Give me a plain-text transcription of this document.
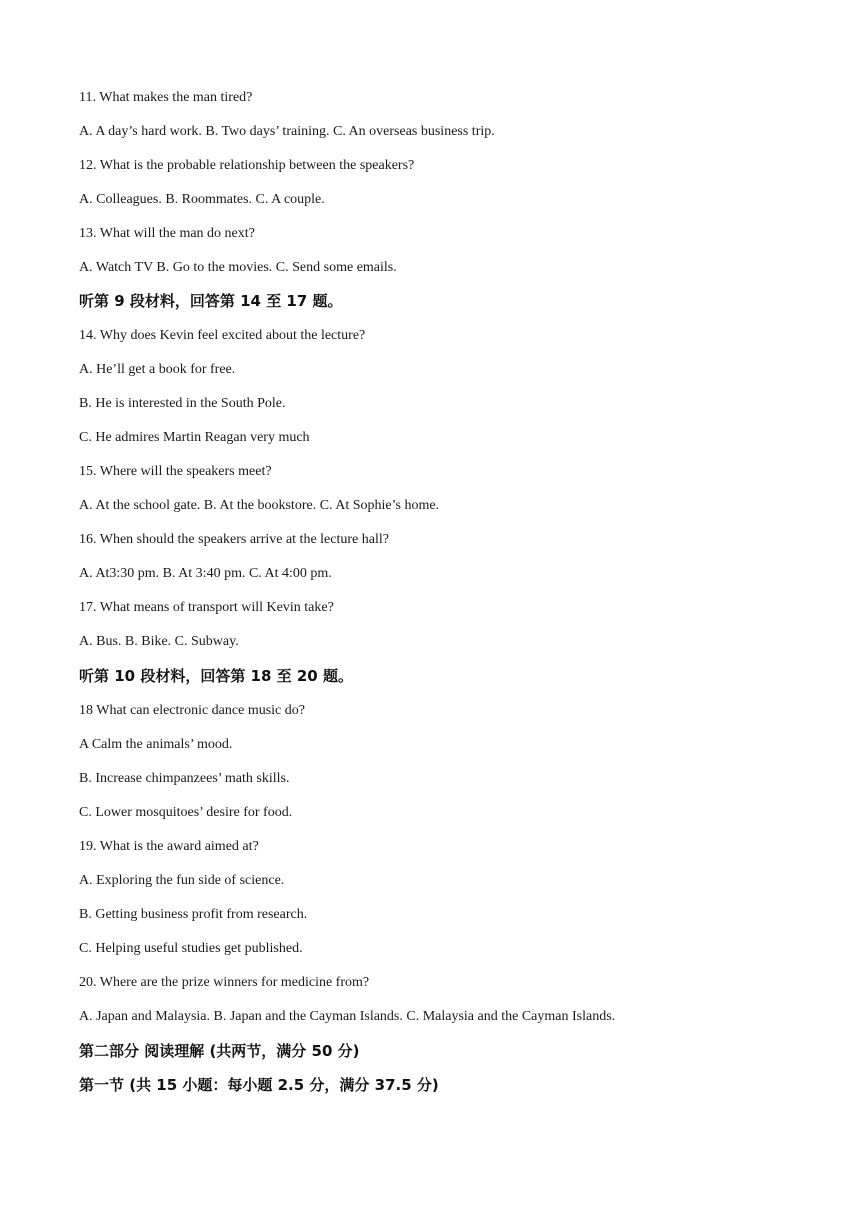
11. What makes the man tired?
A. A day’s hard work. B. Two days’ training. C. An overseas business trip.
12. What is the probable relationship between the speakers?
A. Colleagues. B. Roommates. C. A couple.
13. What will the man do next?
A. Watch TV B. Go to the movies. C. Send some emails.
听第 9 段材料，回答第 14 至 17 题。
14. Why does Kevin feel excited about the lecture?
A. He’ll get a book for free.
B. He is interested in the South Pole.
C. He admires Martin Reagan very much
15. Where will the speakers meet?
A. At the school gate. B. At the bookstore. C. At Sophie’s home.
16. When should the speakers arrive at the lecture hall?
A. At3:30 pm. B. At 3:40 pm. C. At 4:00 pm.
17. What means of transport will Kevin take?
A. Bus. B. Bike. C. Subway.
听第 10 段材料，回答第 18 至 20 题。
18 What can electronic dance music do?
A Calm the animals’ mood.
B. Increase chimpanzees’ math skills.
C. Lower mosquitoes’ desire for food.
19. What is the award aimed at?
A. Exploring the fun side of science.
B. Getting business profit from research.
C. Helping useful studies get published.
20. Where are the prize winners for medicine from?
A. Japan and Malaysia. B. Japan and the Cayman Islands. C. Malaysia and the Cayman Islands.
第二部分 阅读理解 (共两节，满分 50 分)
第一节 (共 15 小题：每小题 2.5 分，满分 37.5 分)
